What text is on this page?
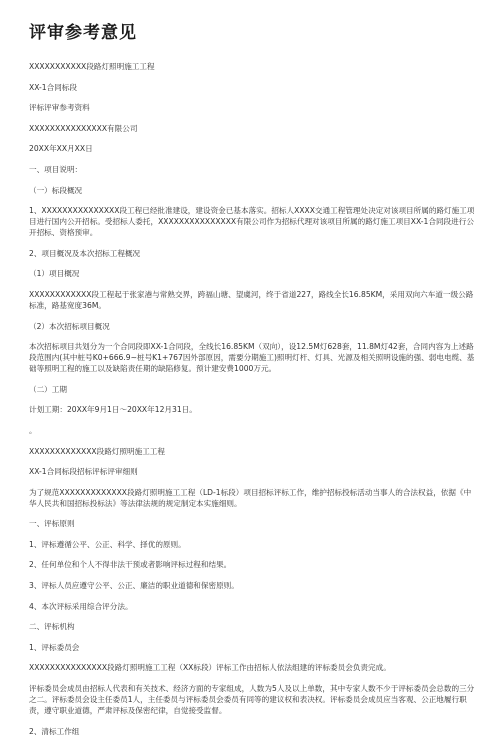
评审参考意见

XXXXXXXXXXX段路灯照明施工工程

XX-1合同标段

评标评审参考资料

XXXXXXXXXXXXXXX有限公司

20XX年XX月XX日

一、项目说明：

（一）标段概况

1、XXXXXXXXXXXXXXX段工程已经批准建设，建设资金已基本落实。招标人XXXX交通工程管理处决定对该项目所属的路灯施工项目进行国内公开招标。受招标人委托，XXXXXXXXXXXXXXX有限公司作为招标代理对该项目所属的路灯施工项目XX-1合同段进行公开招标、资格预审。

2、项目概况及本次招标工程概况

（1）项目概况

XXXXXXXXXXXX段工程起于张家港与常熟交界，跨福山塘、望虞河，终于省道227，路线全长16.85KM，采用双向六车道一级公路标准，路基宽度36M。

（2）本次招标项目概况

本次招标项目共划分为一个合同段即XX-1合同段，全线长16.85KM（双向），设12.5M灯628套，11.8M灯42套，合同内容为上述路段范围内(其中桩号K0+666.9~桩号K1+767因外部原因，需要分期施工)照明灯杆、灯具、光源及相关照明设施的强、弱电电缆、基础等照明工程的施工以及缺陷责任期的缺陷修复。预计建安费1000万元。

（二）工期

计划工期：20XX年9月1日～20XX年12月31日。

。

XXXXXXXXXXXXX段路灯照明施工工程

XX-1合同标段招标评标评审细则

为了规范XXXXXXXXXXXXX段路灯照明施工工程（LD-1标段）项目招标评标工作，维护招标投标活动当事人的合法权益，依据《中华人民共和国招标投标法》等法律法规的规定制定本实施细则。

一、评标原则

1、评标遵循公平、公正、科学、择优的原则。

2、任何单位和个人不得非法干预或者影响评标过程和结果。

3、评标人员应遵守公平、公正、廉洁的职业道德和保密原则。

4、本次评标采用综合评分法。

二、评标机构

1、评标委员会

XXXXXXXXXXXXXXX段路灯照明施工工程（XX标段）评标工作由招标人依法组建的评标委员会负责完成。

评标委员会成员由招标人代表和有关技术、经济方面的专家组成，人数为5人及以上单数，其中专家人数不少于评标委员会总数的三分之二。评标委员会设主任委员1人，主任委员与评标委员会委员有同等的建议权和表决权。评标委员会成员应当客观、公正地履行职责，遵守职业道德，严肃评标及保密纪律，自觉接受监督。

2、清标工作组
